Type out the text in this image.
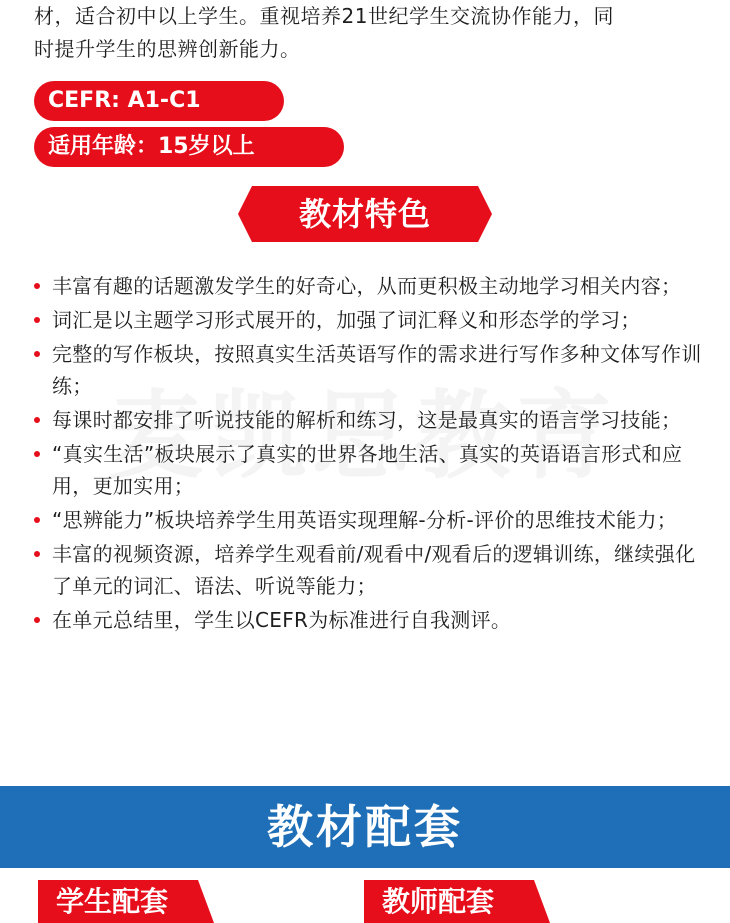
材，适合初中以上学生。重视培养21世纪学生交流协作能力，同

时提升学生的思辨创新能力。

CEFR: A1-C1
适用年龄：15岁以上
教材特色
丰富有趣的话题激发学生的好奇心，从而更积极主动地学习相关内容；
词汇是以主题学习形式展开的，加强了词汇释义和形态学的学习；
完整的写作板块，按照真实生活英语写作的需求进行写作多种文体写作训练；
每课时都安排了听说技能的解析和练习，这是最真实的语言学习技能；
“真实生活”板块展示了真实的世界各地生活、真实的英语语言形式和应用，更加实用；
“思辨能力”板块培养学生用英语实现理解-分析-评价的思维技术能力；
丰富的视频资源，培养学生观看前/观看中/观看后的逻辑训练，继续强化了单元的词汇、语法、听说等能力；
在单元总结里，学生以CEFR为标准进行自我测评。
教材配套
学生配套	教师配套
